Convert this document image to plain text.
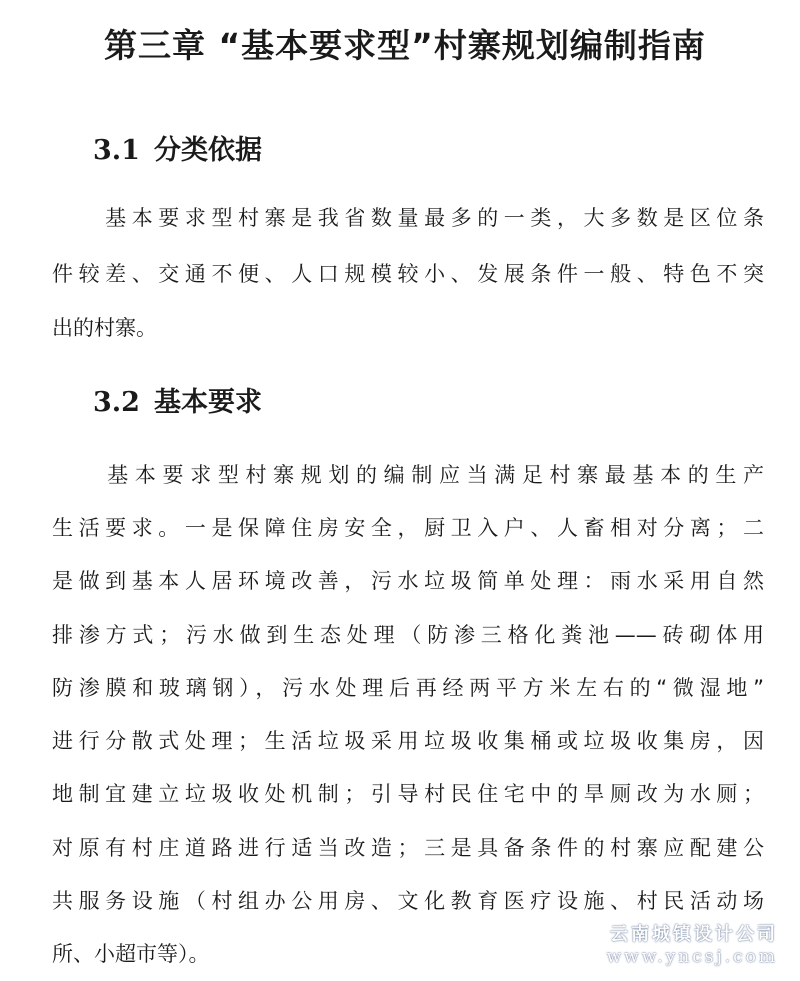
第三章 “基本要求型”村寨规划编制指南
3.1 分类依据
　　基本要求型村寨是我省数量最多的一类，大多数是区位条
件较差、交通不便、人口规模较小、发展条件一般、特色不突
出的村寨。
3.2 基本要求
　　基本要求型村寨规划的编制应当满足村寨最基本的生产
生活要求。一是保障住房安全，厨卫入户、人畜相对分离；二
是做到基本人居环境改善，污水垃圾简单处理：雨水采用自然
排渗方式；污水做到生态处理（防渗三格化粪池——砖砌体用
防渗膜和玻璃钢），污水处理后再经两平方米左右的“微湿地”
进行分散式处理；生活垃圾采用垃圾收集桶或垃圾收集房，因
地制宜建立垃圾收处机制；引导村民住宅中的旱厕改为水厕；
对原有村庄道路进行适当改造；三是具备条件的村寨应配建公
共服务设施（村组办公用房、文化教育医疗设施、村民活动场
所、小超市等）。
云南城镇设计公司
www.yncsj.com
